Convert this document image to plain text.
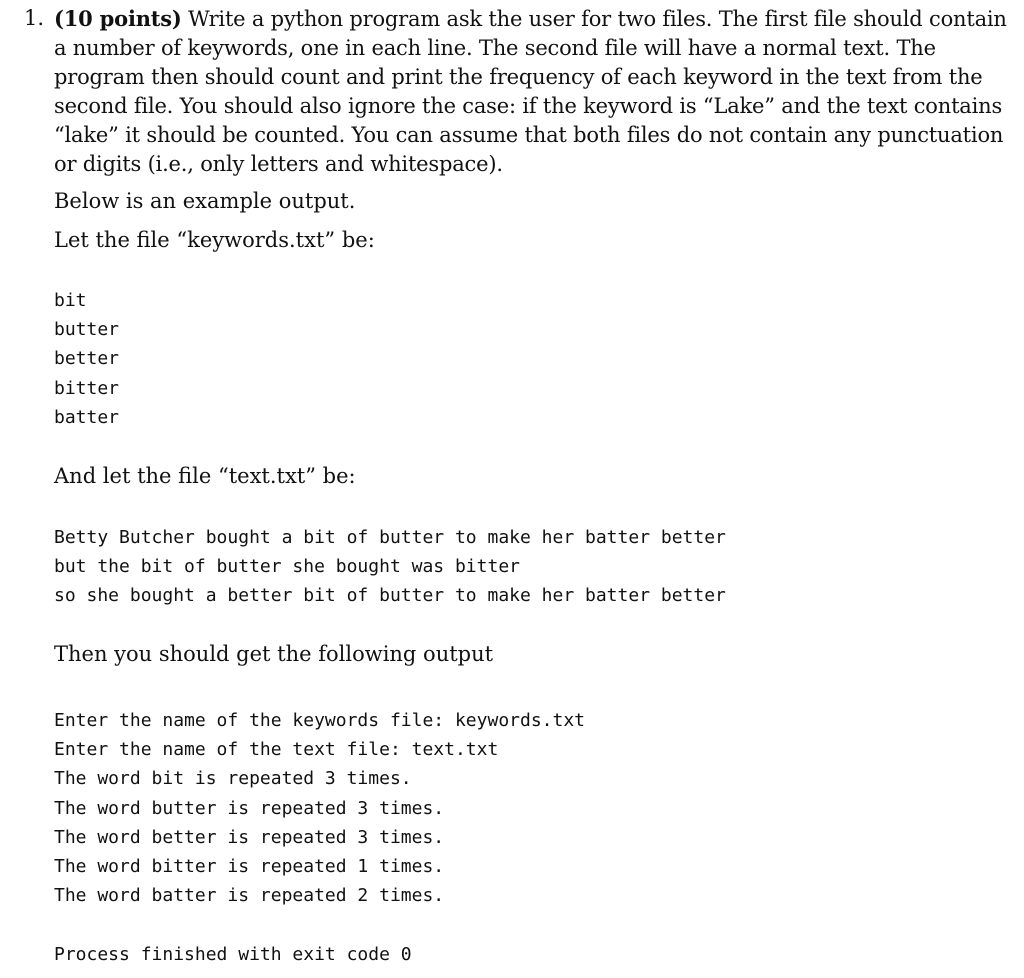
1. (10 points) Write a python program ask the user for two files. The first file should contain a number of keywords, one in each line. The second file will have a normal text. The program then should count and print the frequency of each keyword in the text from the second file. You should also ignore the case: if the keyword is “Lake” and the text contains “lake” it should be counted. You can assume that both files do not contain any punctuation or digits (i.e., only letters and whitespace).
Below is an example output.
Let the file “keywords.txt” be:
bit
butter
better
bitter
batter
And let the file “text.txt” be:
Betty Butcher bought a bit of butter to make her batter better
but the bit of butter she bought was bitter
so she bought a better bit of butter to make her batter better
Then you should get the following output
Enter the name of the keywords file: keywords.txt
Enter the name of the text file: text.txt
The word bit is repeated 3 times.
The word butter is repeated 3 times.
The word better is repeated 3 times.
The word bitter is repeated 1 times.
The word batter is repeated 2 times.
Process finished with exit code 0
